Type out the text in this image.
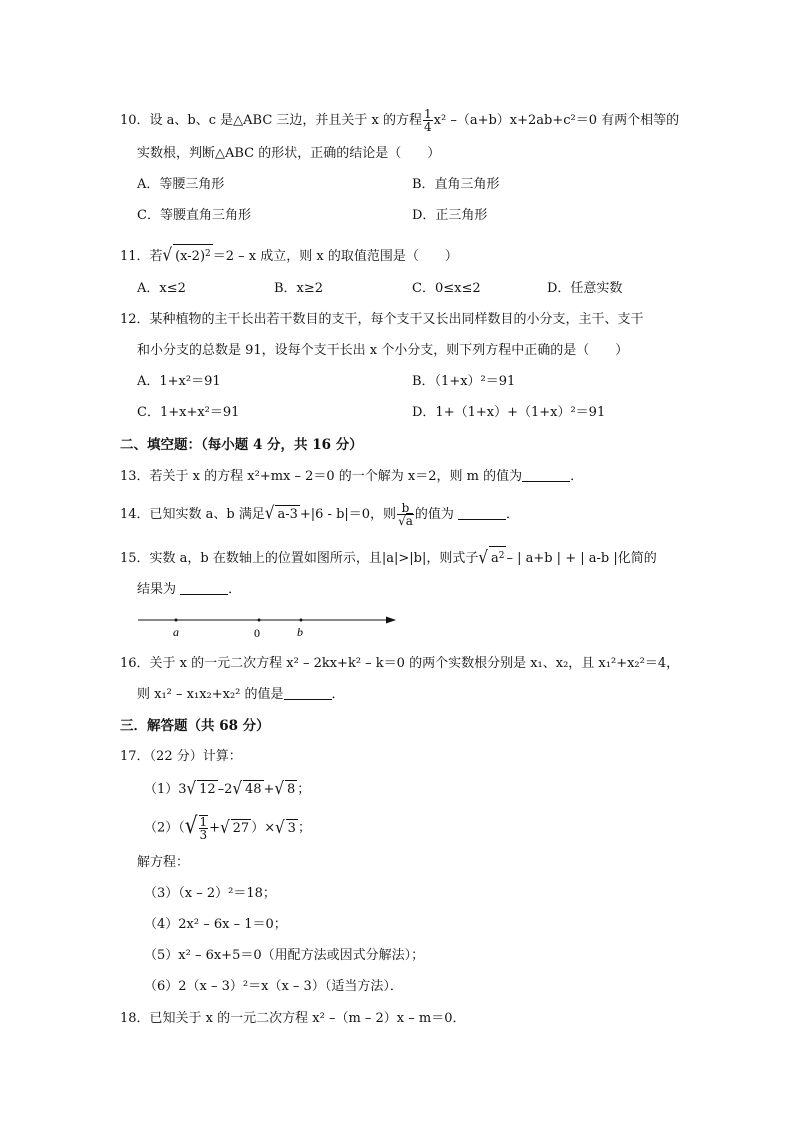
10．设 a、b、c 是△ABC 三边，并且关于 x 的方程 $\frac{1}{4} x^2$ –（a+b）x+2ab+c²＝0 有两个相等的
实数根，判断△ABC 的形状，正确的结论是（　　）
A．等腰三角形	B．直角三角形
C．等腰直角三角形	D．正三角形
11．若√ $(x-2)^2 =2 - x$ 成立，则 x 的取值范围是（　　）
A．x≤2	B．x≥2	C．0≤x≤2	D．任意实数
12．某种植物的主干长出若干数目的支干，每个支干又长出同样数目的小分支，主干、支干
和小分支的总数是 91，设每个支干长出 x 个小分支，则下列方程中正确的是（　　）
A．1+x²＝91	B．（1+x）²＝91
C．1+x+x²＝91	D．1+（1+x）+（1+x）²＝91
二、填空题：（每小题 4 分，共 16 分）
13．若关于 x 的方程 x²+mx – 2＝0 的一个解为 x＝2，则 m 的值为	．
14．已知实数 a、b 满足√ a-3 +|6 - b|＝0，则 $\frac{b}{√a}$ 的值为	．
15．实数 a，b 在数轴上的位置如图所示，且|a|>|b|，则式子√ $a^2$ – | a+b | + | a-b |化简的
结果为	．
a	0	b
16．关于 x 的一元二次方程 x² – 2kx+k² – k＝0 的两个实数根分别是 x₁、x₂，且 x₁²+x₂²＝4，
则 x₁² – x₁x₂+x₂² 的值是	．
三．解答题（共 68 分）
17．（22 分）计算：
（1）3√ 12 –2√ 48 +√ 8 ；
$(2)(√ \frac{1}{3}$ +√ 27 ）×√ 3 ；
解方程：
（3）（x – 2）²＝18；
（4）2x² – 6x – 1＝0；
（5）x² – 6x+5＝0（用配方法或因式分解法）；
（6）2（x – 3）²＝x（x – 3）（适当方法）．
18．已知关于 x 的一元二次方程 x² –（m – 2）x – m＝0．
